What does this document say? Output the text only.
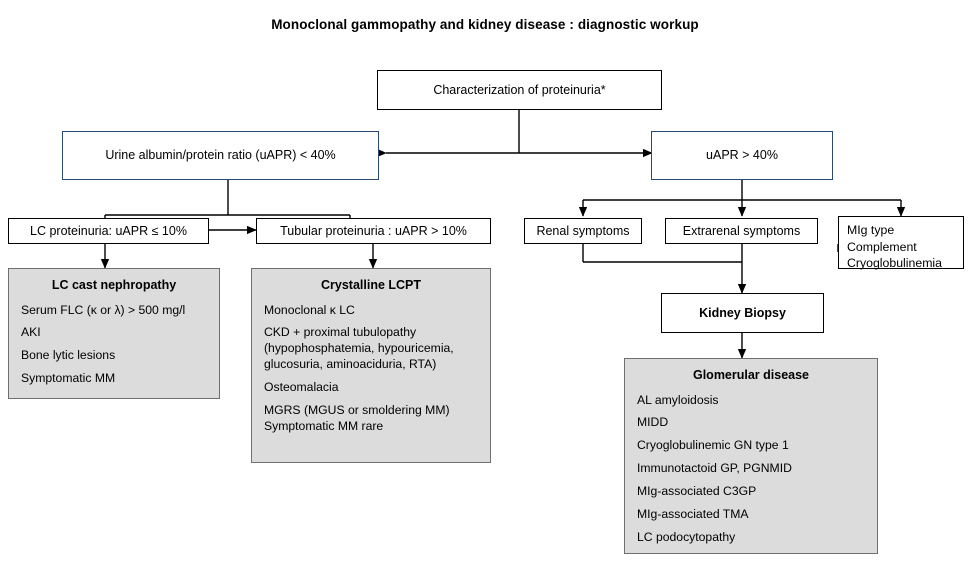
Monoclonal gammopathy and kidney disease : diagnostic workup
Characterization of proteinuria*
Urine albumin/protein ratio (uAPR) < 40%	uAPR > 40%
LC proteinuria: uAPR ≤ 10%	Tubular proteinuria : uAPR > 10%	Renal symptoms	Extrarenal symptoms	MIg type
Complement
Cryoglobulinemia
Kidney Biopsy
LC cast nephropathy
Serum FLC (κ or λ) > 500 mg/l
AKI
Bone lytic lesions
Symptomatic MM
Crystalline LCPT
Monoclonal κ LC
CKD + proximal tubulopathy (hypophosphatemia, hypouricemia, glucosuria, aminoaciduria, RTA)
Osteomalacia
MGRS (MGUS or smoldering MM) Symptomatic MM rare
Glomerular disease
AL amyloidosis
MIDD
Cryoglobulinemic GN type 1
Immunotactoid GP, PGNMID
MIg-associated C3GP
MIg-associated TMA
LC podocytopathy
